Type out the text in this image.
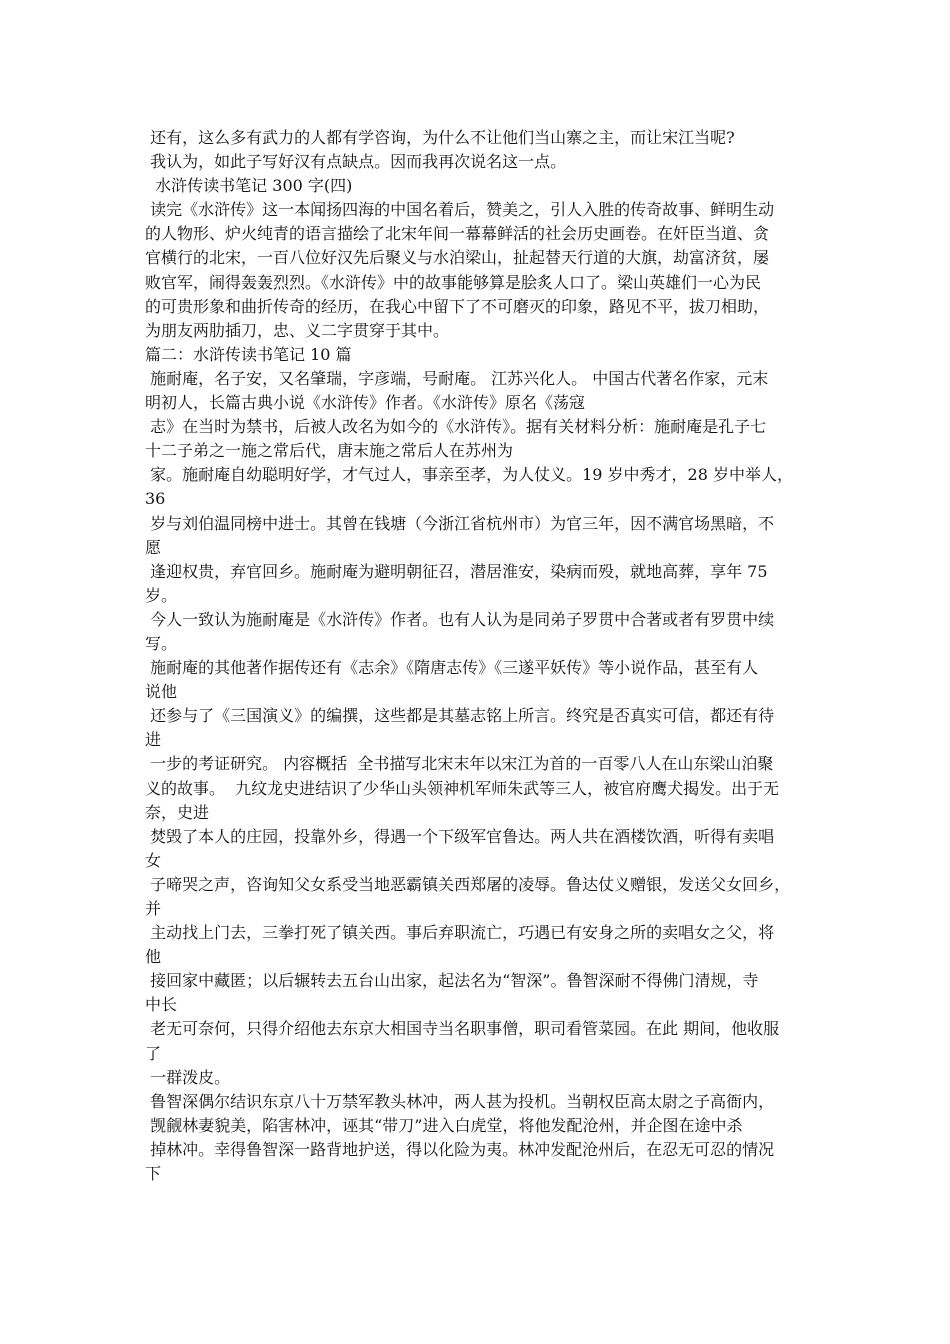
还有，这么多有武力的人都有学咨询，为什么不让他们当山寨之主，而让宋江当呢?
我认为，如此子写好汉有点缺点。因而我再次说名这一点。
水浒传读书笔记 300 字(四)
读完《水浒传》这一本闻扬四海的中国名着后，赞美之，引人入胜的传奇故事、鲜明生动
的人物形、炉火纯青的语言描绘了北宋年间一幕幕鲜活的社会历史画卷。在奸臣当道、贪
官横行的北宋，一百八位好汉先后聚义与水泊梁山，扯起替天行道的大旗，劫富济贫，屡
败官军，闹得轰轰烈烈。《水浒传》中的故事能够算是脍炙人口了。梁山英雄们一心为民
的可贵形象和曲折传奇的经历，在我心中留下了不可磨灭的印象，路见不平，拔刀相助，
为朋友两肋插刀，忠、义二字贯穿于其中。
篇二：水浒传读书笔记 10 篇
施耐庵，名子安，又名肇瑞，字彦端，号耐庵。 江苏兴化人。 中国古代著名作家，元末
明初人，长篇古典小说《水浒传》作者。《水浒传》原名《荡寇
志》在当时为禁书，后被人改名为如今的《水浒传》。据有关材料分析：施耐庵是孔子七
十二子弟之一施之常后代，唐末施之常后人在苏州为
家。施耐庵自幼聪明好学，才气过人，事亲至孝，为人仗义。19 岁中秀才，28 岁中举人，
36
岁与刘伯温同榜中进士。其曾在钱塘（今浙江省杭州市）为官三年，因不满官场黑暗，不
愿
逢迎权贵，弃官回乡。施耐庵为避明朝征召，潜居淮安，染病而殁，就地高葬，享年 75
岁。
今人一致认为施耐庵是《水浒传》作者。也有人认为是同弟子罗贯中合著或者有罗贯中续
写。
施耐庵的其他著作据传还有《志余》《隋唐志传》《三遂平妖传》等小说作品，甚至有人
说他
还参与了《三国演义》的编撰，这些都是其墓志铭上所言。终究是否真实可信，都还有待
进
一步的考证研究。 内容概括  全书描写北宋末年以宋江为首的一百零八人在山东梁山泊聚
义的故事。  九纹龙史进结识了少华山头领神机军师朱武等三人，被官府鹰犬揭发。出于无
奈，史进
焚毁了本人的庄园，投靠外乡，得遇一个下级军官鲁达。两人共在酒楼饮酒，听得有卖唱
女
子啼哭之声，咨询知父女系受当地恶霸镇关西郑屠的凌辱。鲁达仗义赠银，发送父女回乡，
并
主动找上门去，三拳打死了镇关西。事后弃职流亡，巧遇已有安身之所的卖唱女之父，将
他
接回家中藏匿；以后辗转去五台山出家，起法名为“智深”。鲁智深耐不得佛门清规，寺
中长
老无可奈何，只得介绍他去东京大相国寺当名职事僧，职司看管菜园。在此 期间，他收服
了
一群泼皮。
鲁智深偶尔结识东京八十万禁军教头林冲，两人甚为投机。当朝权臣高太尉之子高衙内，
觊觎林妻貌美，陷害林冲，诬其“带刀”进入白虎堂，将他发配沧州，并企图在途中杀
掉林冲。幸得鲁智深一路背地护送，得以化险为夷。林冲发配沧州后，在忍无可忍的情况
下
